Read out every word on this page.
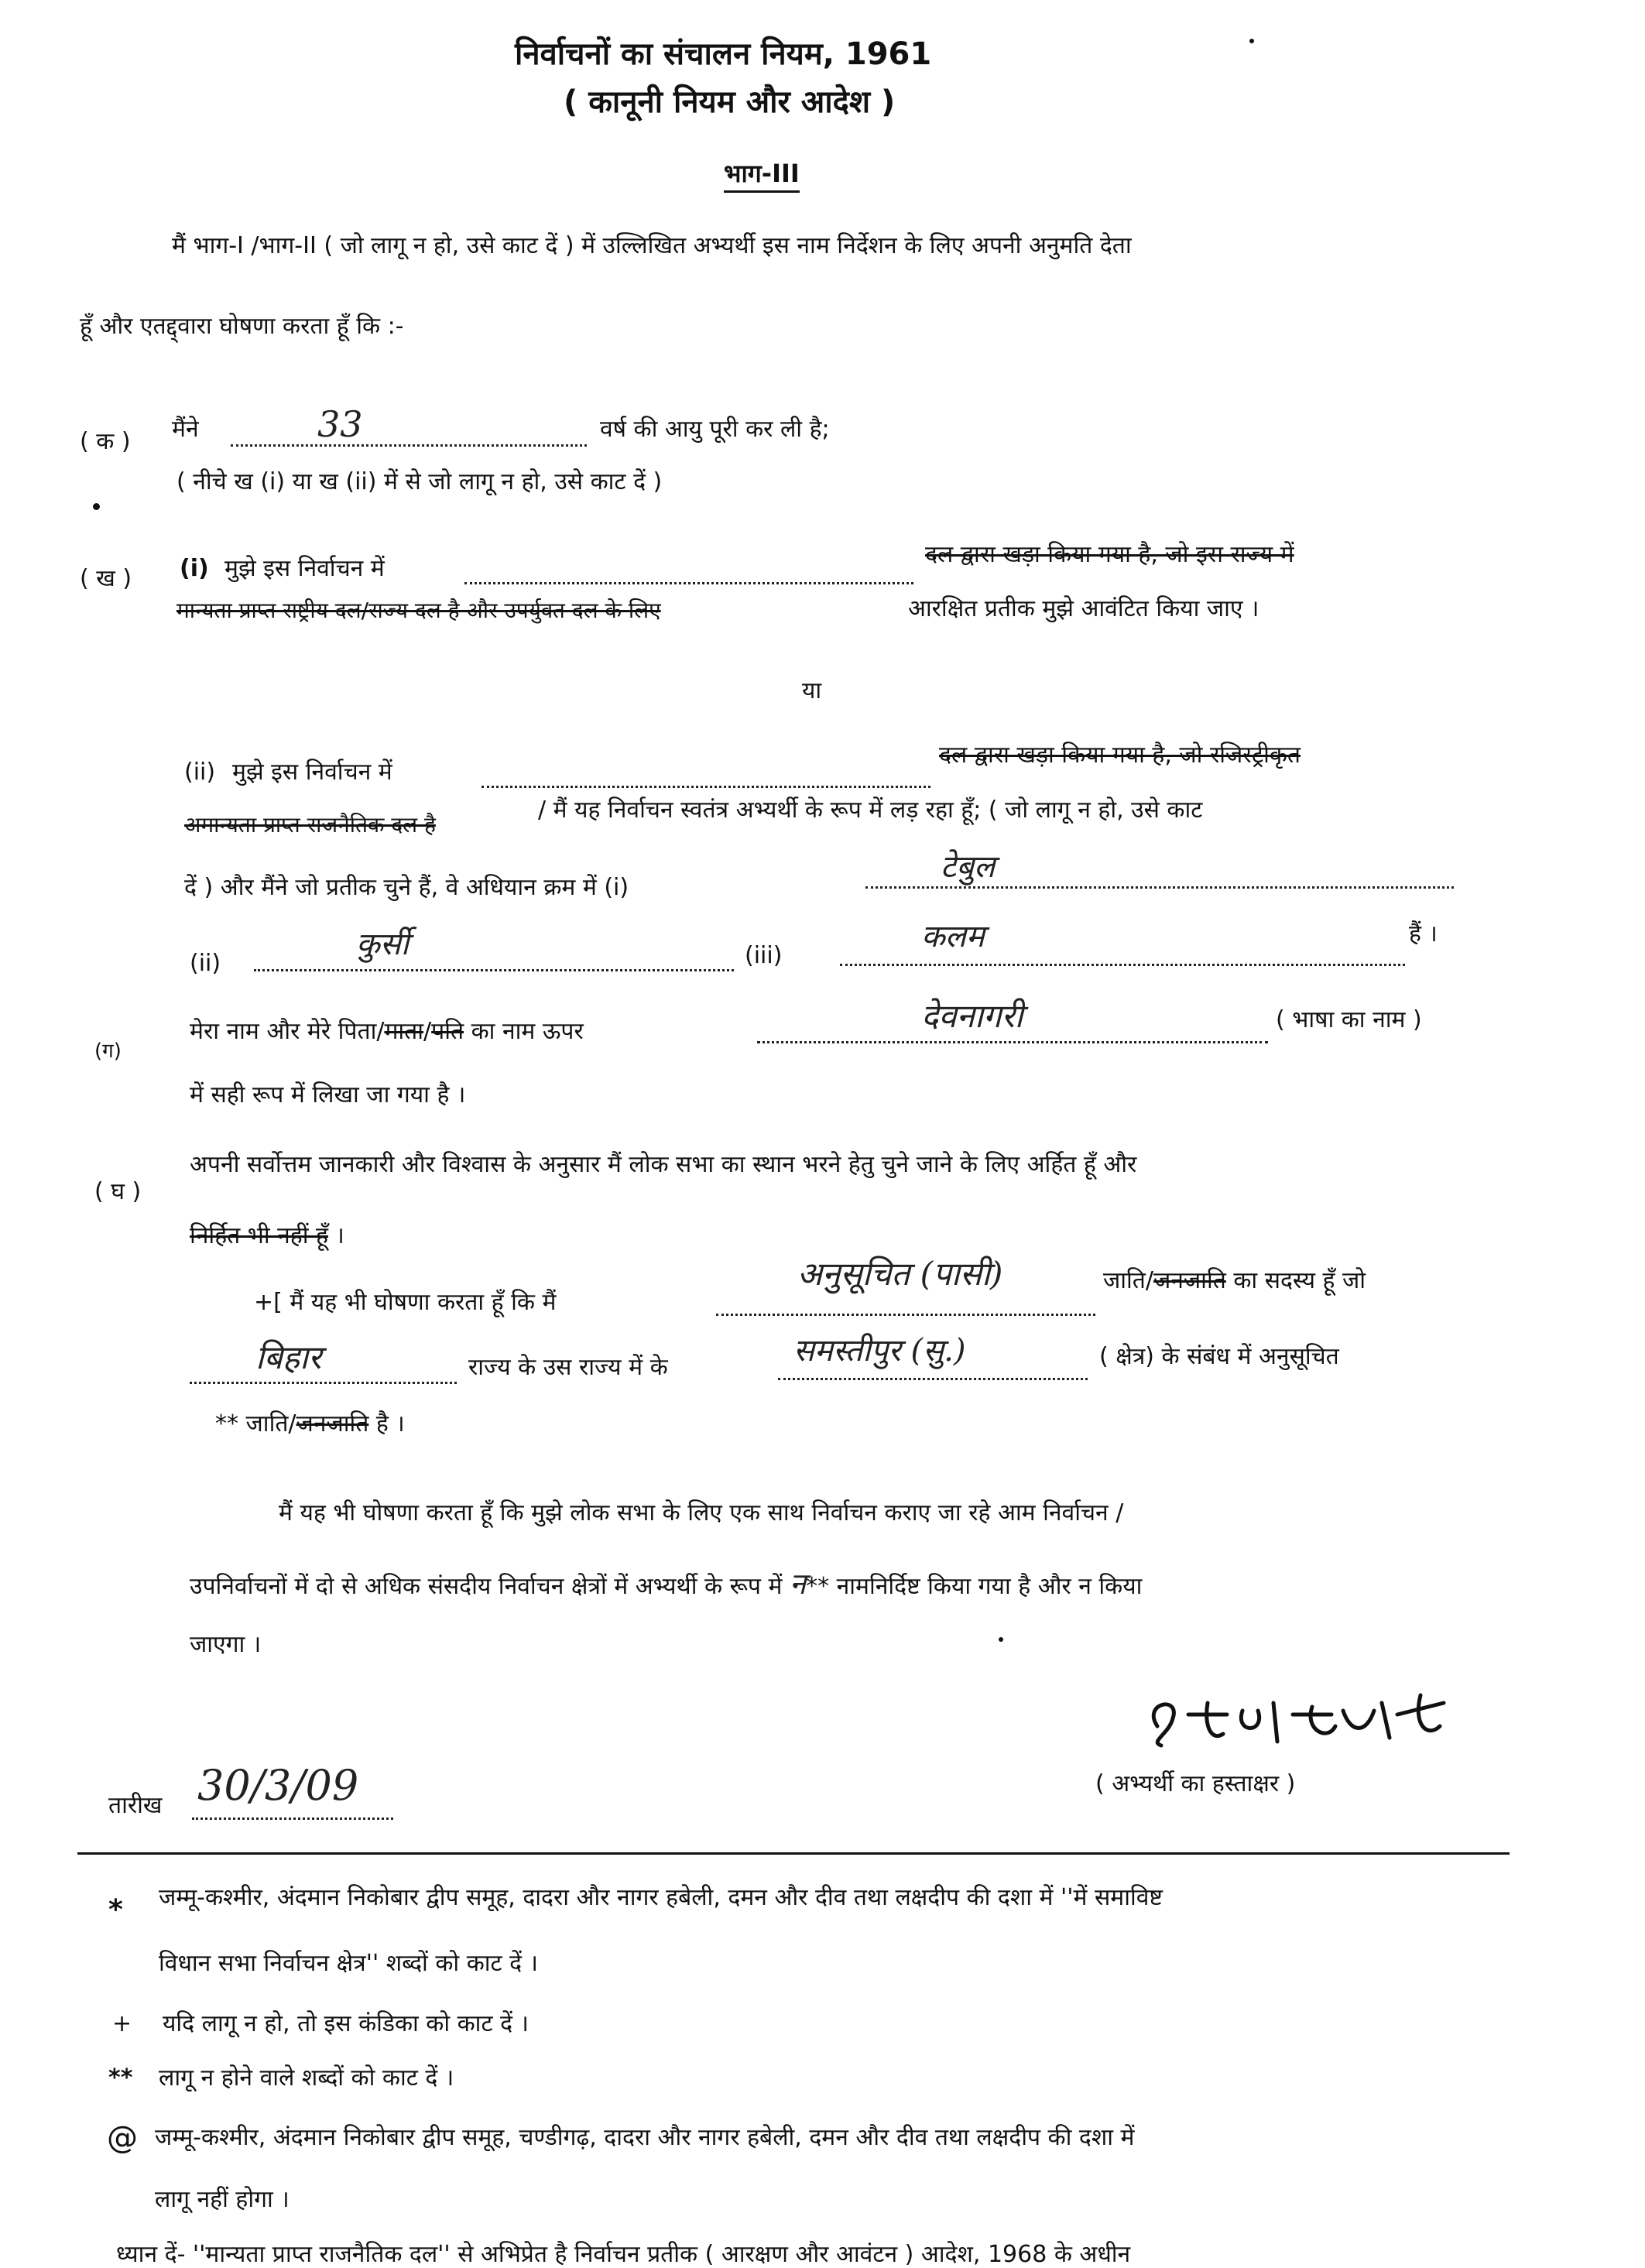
निर्वाचनों का संचालन नियम, 1961
( कानूनी नियम और आदेश )
भाग-III
मैं भाग-I /भाग-II ( जो लागू न हो, उसे काट दें ) में उल्लिखित अभ्यर्थी इस नाम निर्देशन के लिए अपनी अनुमति देता
हूँ और एतद्द्वारा घोषणा करता हूँ कि :-
( क ) मैंने	33	वर्ष की आयु पूरी कर ली है;
( नीचे ख (i) या ख (ii) में से जो लागू न हो, उसे काट दें )
( ख ) (i) मुझे इस निर्वाचन में
दल द्वारा खड़ा किया गया है, जो इस राज्य में
मान्यता प्राप्त राष्ट्रीय दल/राज्य दल है और उपर्युक्त दल के लिए	आरक्षित प्रतीक मुझे आवंटित किया जाए ।
या
(ii) मुझे इस निर्वाचन में
दल द्वारा खड़ा किया गया है, जो रजिस्ट्रीकृत
अमान्यता प्राप्त राजनैतिक दल है
/ मैं यह निर्वाचन स्वतंत्र अभ्यर्थी के रूप में लड़ रहा हूँ; ( जो लागू न हो, उसे काट
दें ) और मैंने जो प्रतीक चुने हैं, वे अधियान क्रम में (i)
टेबुल
(ii)
कुर्सी	(iii)
कलम	हैं ।
(ग)
मेरा नाम और मेरे पिता/माता/पति का नाम ऊपर	देवनागरी	( भाषा का नाम )
में सही रूप में लिखा जा गया है ।
( घ )
अपनी सर्वोत्तम जानकारी और विश्वास के अनुसार मैं लोक सभा का स्थान भरने हेतु चुने जाने के लिए अर्हित हूँ और
निर्हित भी नहीं हूँ ।
+[ मैं यह भी घोषणा करता हूँ कि मैं
अनुसूचित (पासी)	जाति/जनजाति का सदस्य हूँ जो
बिहार	राज्य के उस राज्य में के	समस्तीपुर (सु.)	( क्षेत्र) के संबंध में अनुसूचित
** जाति/जनजाति है ।
मैं यह भी घोषणा करता हूँ कि मुझे लोक सभा के लिए एक साथ निर्वाचन कराए जा रहे आम निर्वाचन /
उपनिर्वाचनों में दो से अधिक संसदीय निर्वाचन क्षेत्रों में अभ्यर्थी के रूप में न** नामनिर्दिष्ट किया गया है और न किया
जाएगा ।
( अभ्यर्थी का हस्ताक्षर )
तारीख 30/3/09
* जम्मू-कश्मीर, अंदमान निकोबार द्वीप समूह, दादरा और नागर हबेली, दमन और दीव तथा लक्षदीप की दशा में ''में समाविष्ट
विधान सभा निर्वाचन क्षेत्र'' शब्दों को काट दें ।
+ यदि लागू न हो, तो इस कंडिका को काट दें ।
** लागू न होने वाले शब्दों को काट दें ।
@ जम्मू-कश्मीर, अंदमान निकोबार द्वीप समूह, चण्डीगढ़, दादरा और नागर हबेली, दमन और दीव तथा लक्षदीप की दशा में
लागू नहीं होगा ।
ध्यान दें- ''मान्यता प्राप्त राजनैतिक दल'' से अभिप्रेत है निर्वाचन प्रतीक ( आरक्षण और आवंटन ) आदेश, 1968 के अधीन
